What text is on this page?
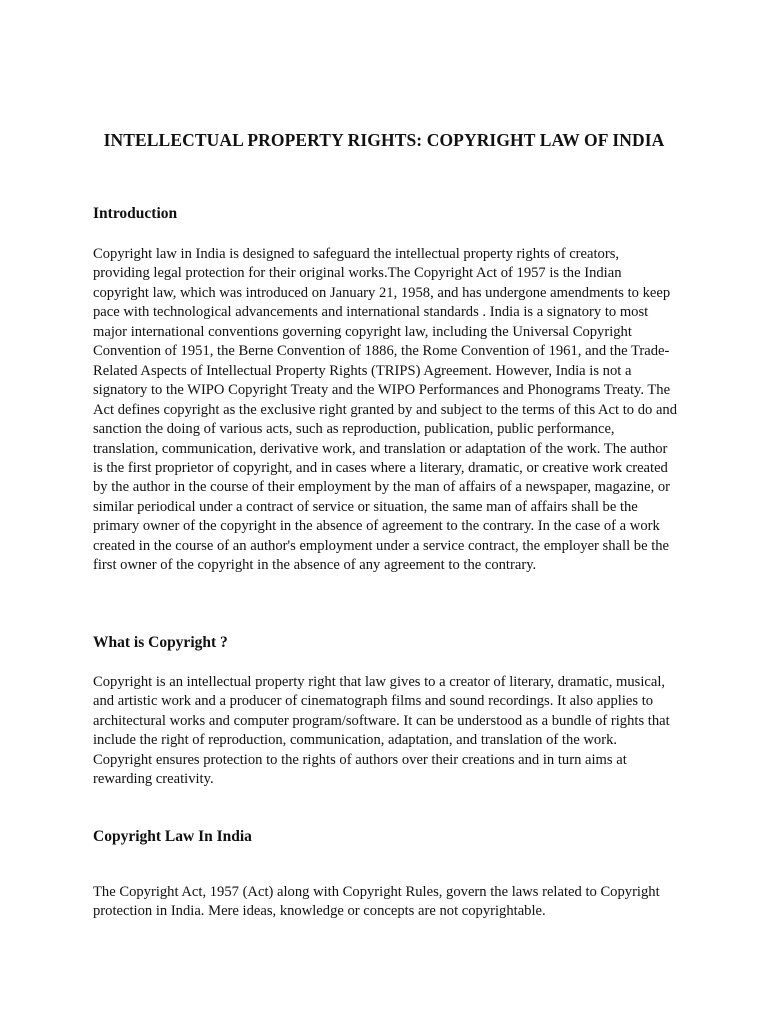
INTELLECTUAL PROPERTY RIGHTS: COPYRIGHT LAW OF INDIA
Introduction

Copyright law in India is designed to safeguard the intellectual property rights of creators, providing legal protection for their original works.The Copyright Act of 1957 is the Indian copyright law, which was introduced on January 21, 1958, and has undergone amendments to keep pace with technological advancements and international standards . India is a signatory to most major international conventions governing copyright law, including the Universal Copyright Convention of 1951, the Berne Convention of 1886, the Rome Convention of 1961, and the Trade-Related Aspects of Intellectual Property Rights (TRIPS) Agreement. However, India is not a signatory to the WIPO Copyright Treaty and the WIPO Performances and Phonograms Treaty. The Act defines copyright as the exclusive right granted by and subject to the terms of this Act to do and sanction the doing of various acts, such as reproduction, publication, public performance, translation, communication, derivative work, and translation or adaptation of the work. The author is the first proprietor of copyright, and in cases where a literary, dramatic, or creative work created by the author in the course of their employment by the man of affairs of a newspaper, magazine, or similar periodical under a contract of service or situation, the same man of affairs shall be the primary owner of the copyright in the absence of agreement to the contrary. In the case of a work created in the course of an author's employment under a service contract, the employer shall be the first owner of the copyright in the absence of any agreement to the contrary.

What is Copyright ?

Copyright is an intellectual property right that law gives to a creator of literary, dramatic, musical, and artistic work and a producer of cinematograph films and sound recordings. It also applies to architectural works and computer program/software. It can be understood as a bundle of rights that include the right of reproduction, communication, adaptation, and translation of the work. Copyright ensures protection to the rights of authors over their creations and in turn aims at rewarding creativity.

Copyright Law In India

The Copyright Act, 1957 (Act) along with Copyright Rules, govern the laws related to Copyright protection in India. Mere ideas, knowledge or concepts are not copyrightable.
